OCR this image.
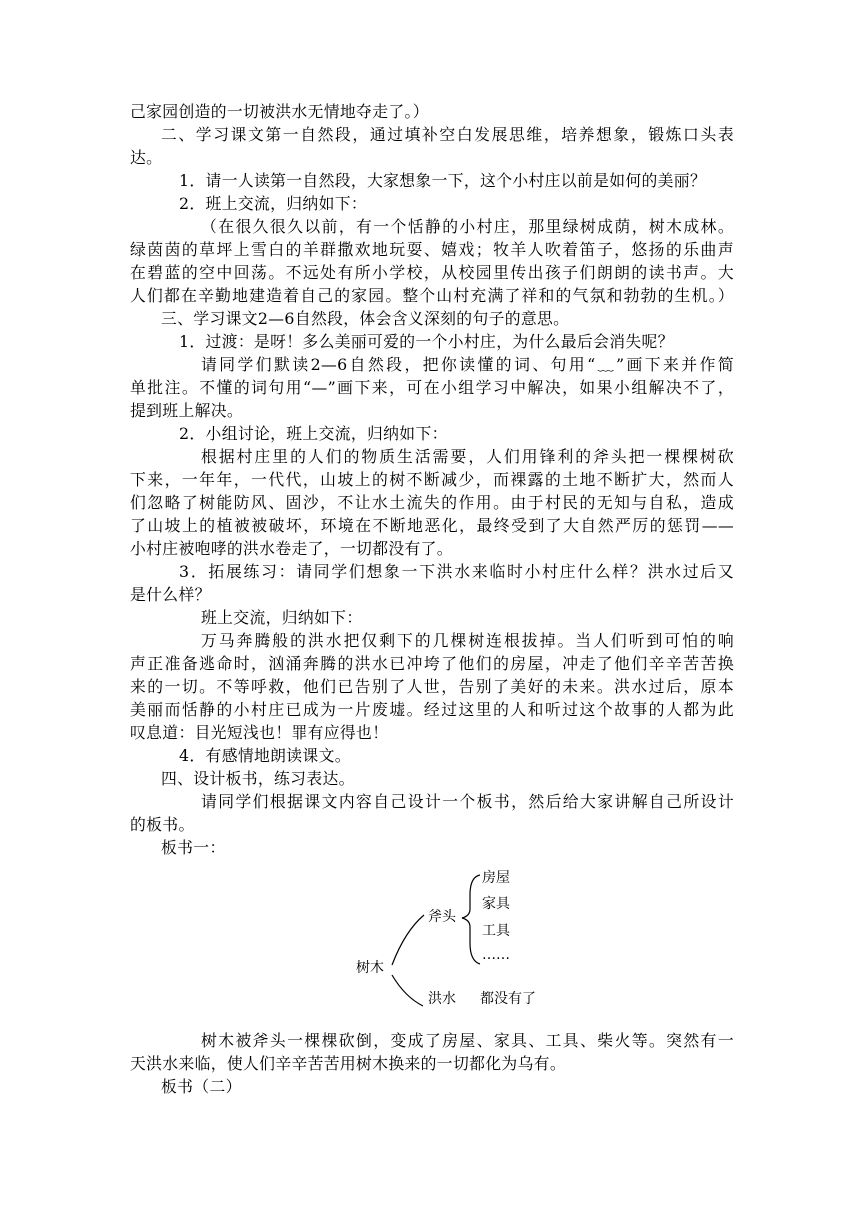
己家园创造的一切被洪水无情地夺走了。）
二、学习课文第一自然段，通过填补空白发展思维，培养想象，锻炼口头表
达。
1．请一人读第一自然段，大家想象一下，这个小村庄以前是如何的美丽？
2．班上交流，归纳如下：
（在很久很久以前，有一个恬静的小村庄，那里绿树成荫，树木成林。
绿茵茵的草坪上雪白的羊群撒欢地玩耍、嬉戏；牧羊人吹着笛子，悠扬的乐曲声
在碧蓝的空中回荡。不远处有所小学校，从校园里传出孩子们朗朗的读书声。大
人们都在辛勤地建造着自己的家园。整个山村充满了祥和的气氛和勃勃的生机。）
三、学习课文2—6自然段，体会含义深刻的句子的意思。
1．过渡：是呀！多么美丽可爱的一个小村庄，为什么最后会消失呢？
请同学们默读2—6自然段，把你读懂的词、句用“﹏”画下来并作简
单批注。不懂的词句用“—”画下来，可在小组学习中解决，如果小组解决不了，
提到班上解决。
2．小组讨论，班上交流，归纳如下：
根据村庄里的人们的物质生活需要，人们用锋利的斧头把一棵棵树砍
下来，一年年，一代代，山坡上的树不断减少，而裸露的土地不断扩大，然而人
们忽略了树能防风、固沙，不让水土流失的作用。由于村民的无知与自私，造成
了山坡上的植被被破坏，环境在不断地恶化，最终受到了大自然严厉的惩罚——
小村庄被咆哮的洪水卷走了，一切都没有了。
3．拓展练习：请同学们想象一下洪水来临时小村庄什么样？洪水过后又
是什么样？
班上交流，归纳如下：
万马奔腾般的洪水把仅剩下的几棵树连根拔掉。当人们听到可怕的响
声正准备逃命时，汹涌奔腾的洪水已冲垮了他们的房屋，冲走了他们辛辛苦苦换
来的一切。不等呼救，他们已告别了人世，告别了美好的未来。洪水过后，原本
美丽而恬静的小村庄已成为一片废墟。经过这里的人和听过这个故事的人都为此
叹息道：目光短浅也！罪有应得也！
4．有感情地朗读课文。
四、设计板书，练习表达。
请同学们根据课文内容自己设计一个板书，然后给大家讲解自己所设计
的板书。
板书一：
树木
斧头
房屋
家具
工具
……
洪水 都没有了
树木被斧头一棵棵砍倒，变成了房屋、家具、工具、柴火等。突然有一
天洪水来临，使人们辛辛苦苦用树木换来的一切都化为乌有。
板书（二）
